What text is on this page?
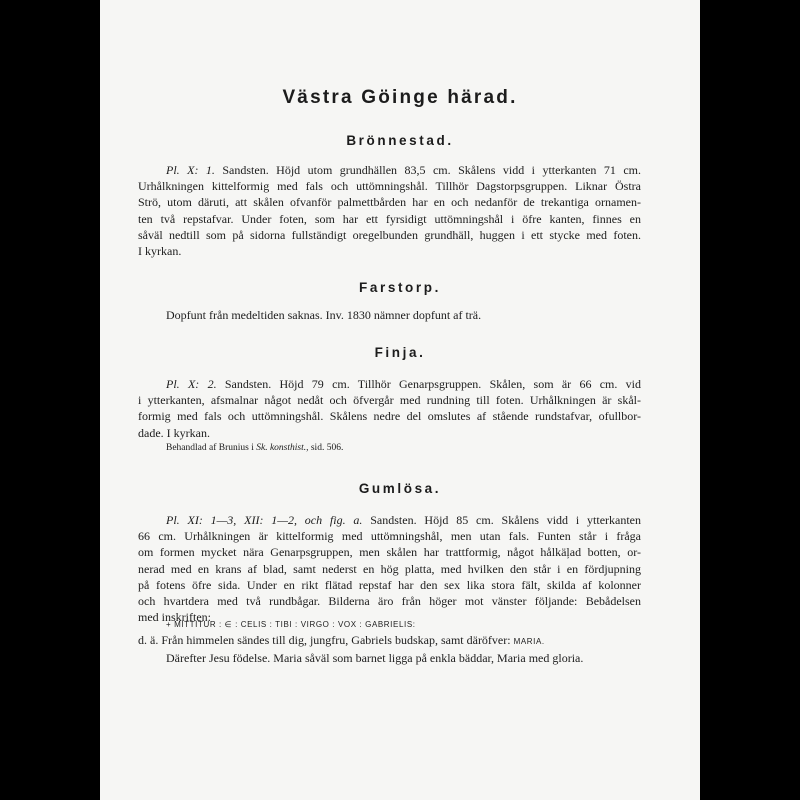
Västra Göinge härad.
Brönnestad.
Pl. X: 1. Sandsten. Höjd utom grundhällen 83,5 cm. Skålens vidd i ytterkanten 71 cm.
Urhålkningen kittelformig med fals och uttömningshål. Tillhör Dagstorpsgruppen. Liknar Östra
Strö, utom däruti, att skålen ofvanför palmettbården har en och nedanför de trekantiga ornamen-
ten två repstafvar. Under foten, som har ett fyrsidigt uttömningshål i öfre kanten, finnes en
såväl nedtill som på sidorna fullständigt oregelbunden grundhäll, huggen i ett stycke med foten.
I kyrkan.
Farstorp.
Dopfunt från medeltiden saknas. Inv. 1830 nämner dopfunt af trä.
Finja.
Pl. X: 2. Sandsten. Höjd 79 cm. Tillhör Genarpsgruppen. Skålen, som är 66 cm. vid
i ytterkanten, afsmalnar något nedåt och öfvergår med rundning till foten. Urhålkningen är skål-
formig med fals och uttömningshål. Skålens nedre del omslutes af stående rundstafvar, ofullbor-
dade. I kyrkan.

Behandlad af Brunius i Sk. konsthist., sid. 506.

Gumlösa.
Pl. XI: 1—3, XII: 1—2, och fig. a. Sandsten. Höjd 85 cm. Skålens vidd i ytterkanten
66 cm. Urhålkningen är kittelformig med uttömningshål, men utan fals. Funten står i fråga
om formen mycket nära Genarpsgruppen, men skålen har trattformig, något hålkäļad botten, or-
nerad med en krans af blad, samt nederst en hög platta, med hvilken den står i en fördjupning
på fotens öfre sida. Under en rikt flätad repstaf har den sex lika stora fält, skilda af kolonner
och hvartdera med två rundbågar. Bilderna äro från höger mot vänster följande: Bebådelsen
med inskriften:

+ MITTITUR : ∈ : CELIS : TIBI : VIRGO : VOX : GABRIELIS:

d. ä. Från himmelen sändes till dig, jungfru, Gabriels budskap, samt däröfver: MARIA.
Därefter Jesu födelse. Maria såväl som barnet ligga på enkla bäddar, Maria med gloria.
